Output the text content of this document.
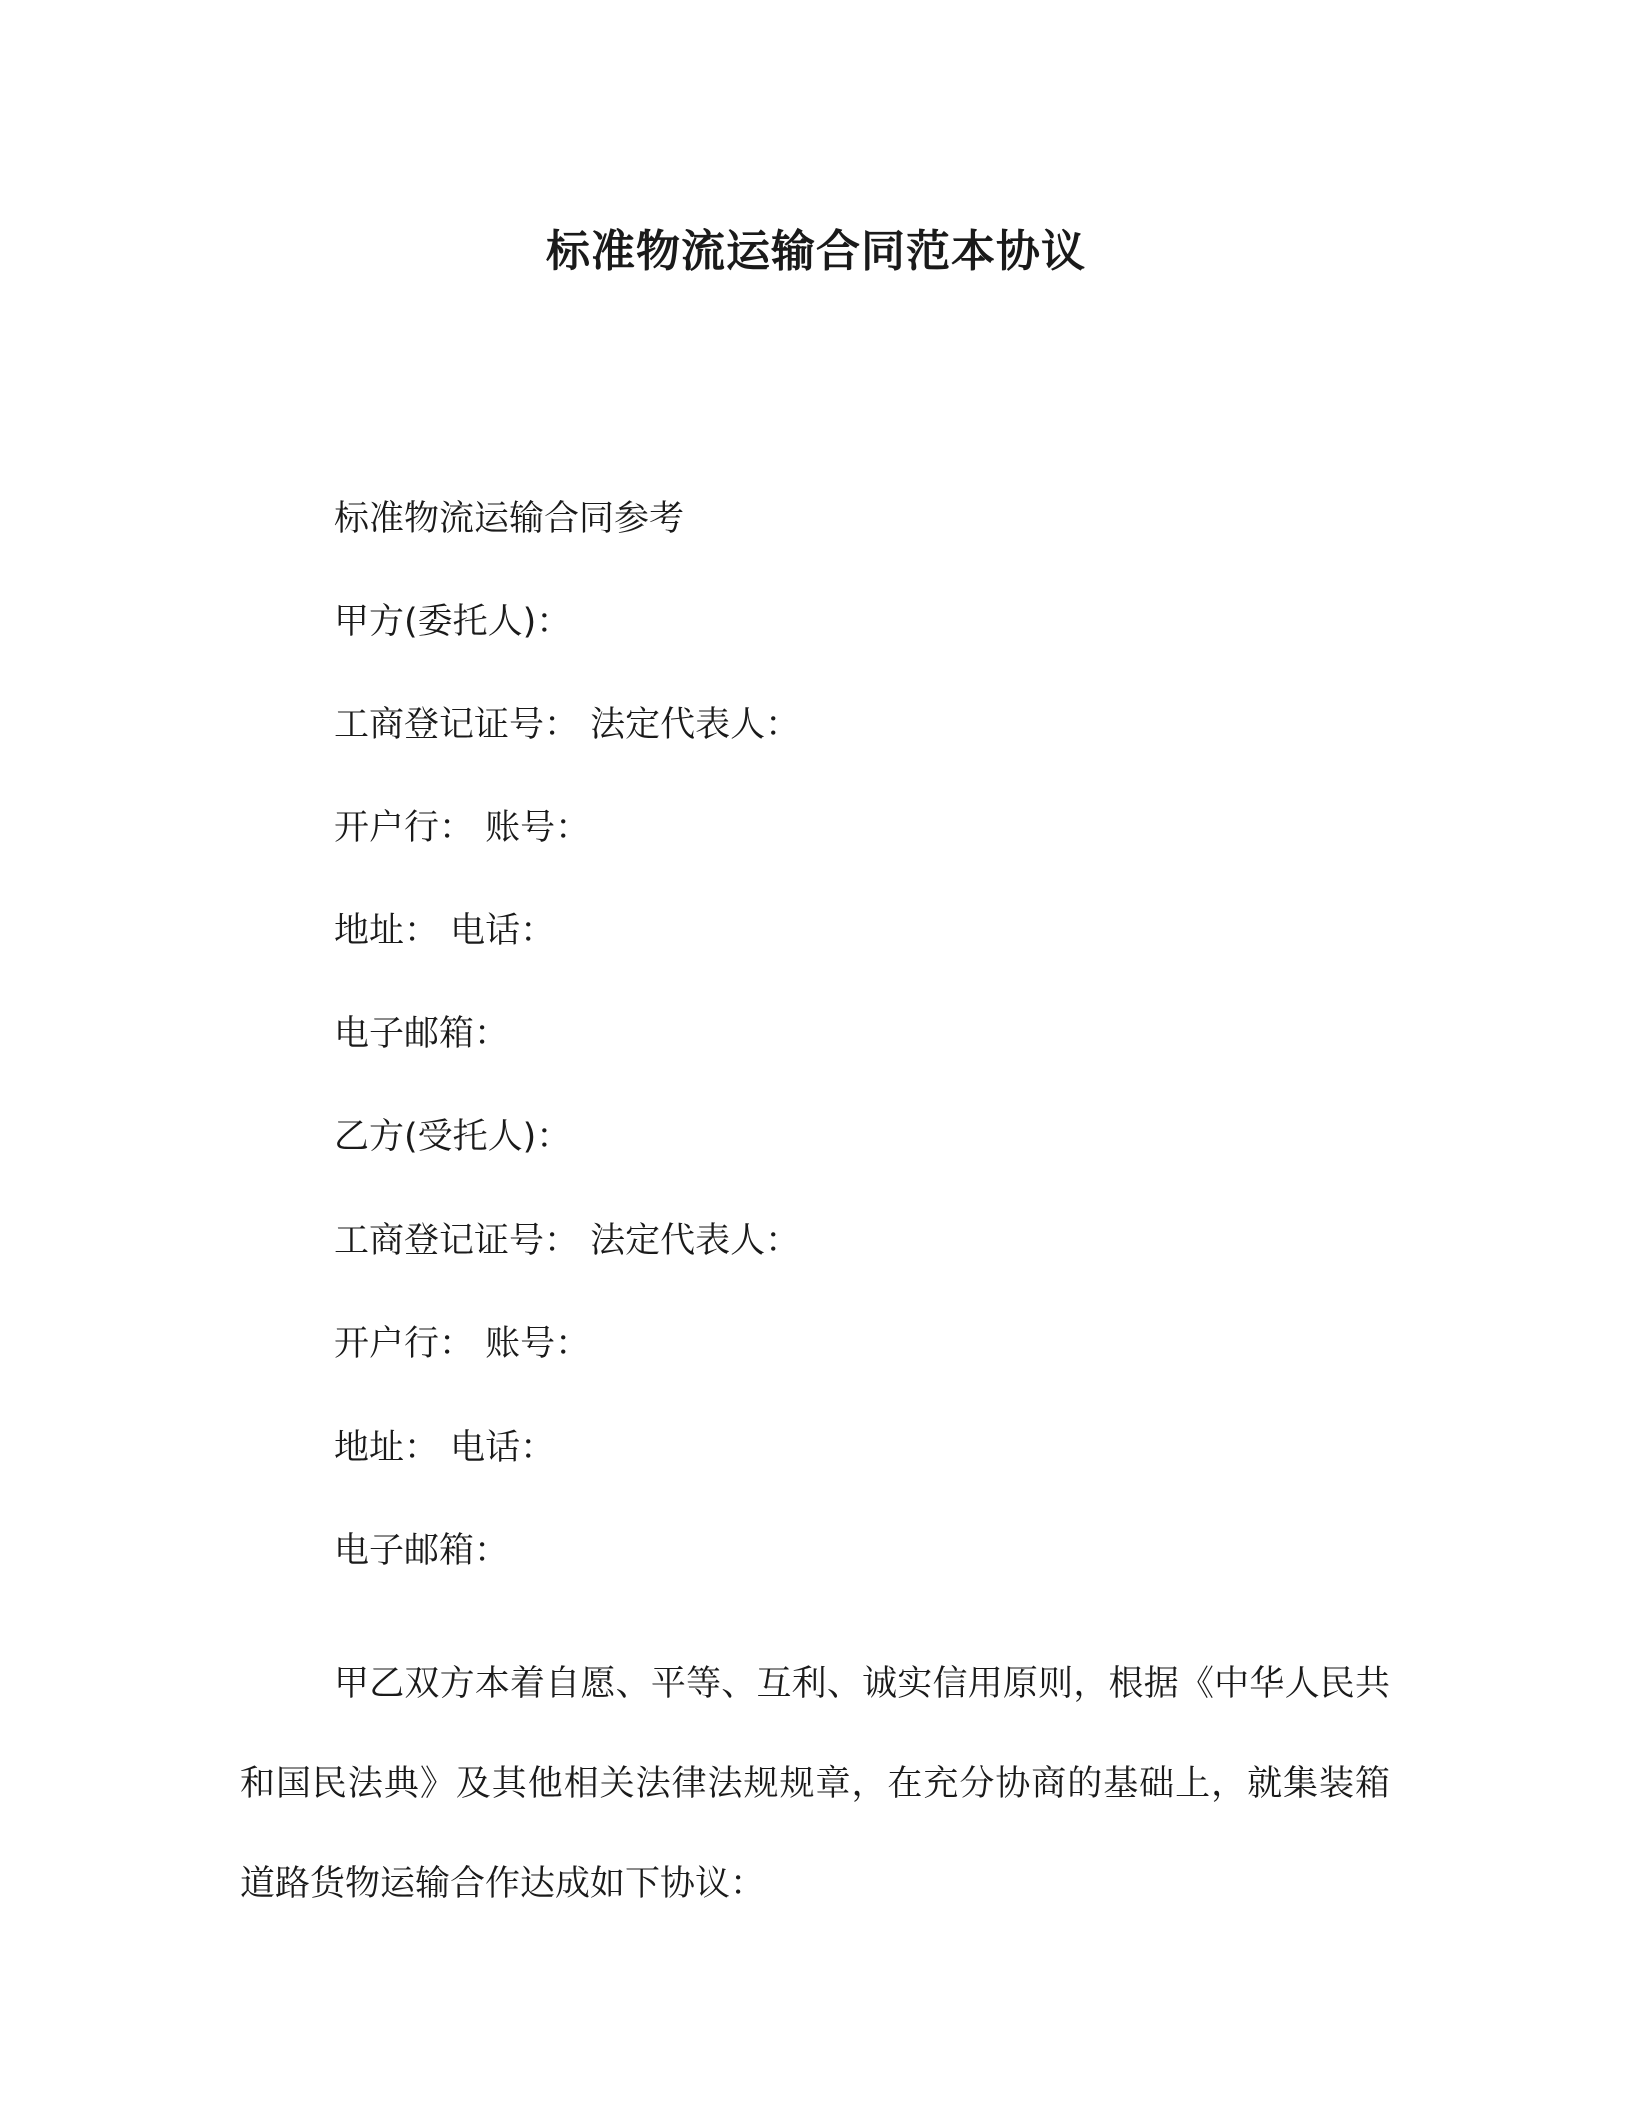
标准物流运输合同范本协议

标准物流运输合同参考

甲方(委托人)：

工商登记证号： 法定代表人：

开户行： 账号：

地址： 电话：

电子邮箱：

乙方(受托人)：

工商登记证号： 法定代表人：

开户行： 账号：

地址： 电话：

电子邮箱：

甲乙双方本着自愿、平等、互利、诚实信用原则，根据《中华人民共和国民法典》及其他相关法律法规规章，在充分协商的基础上，就集装箱道路货物运输合作达成如下协议：
